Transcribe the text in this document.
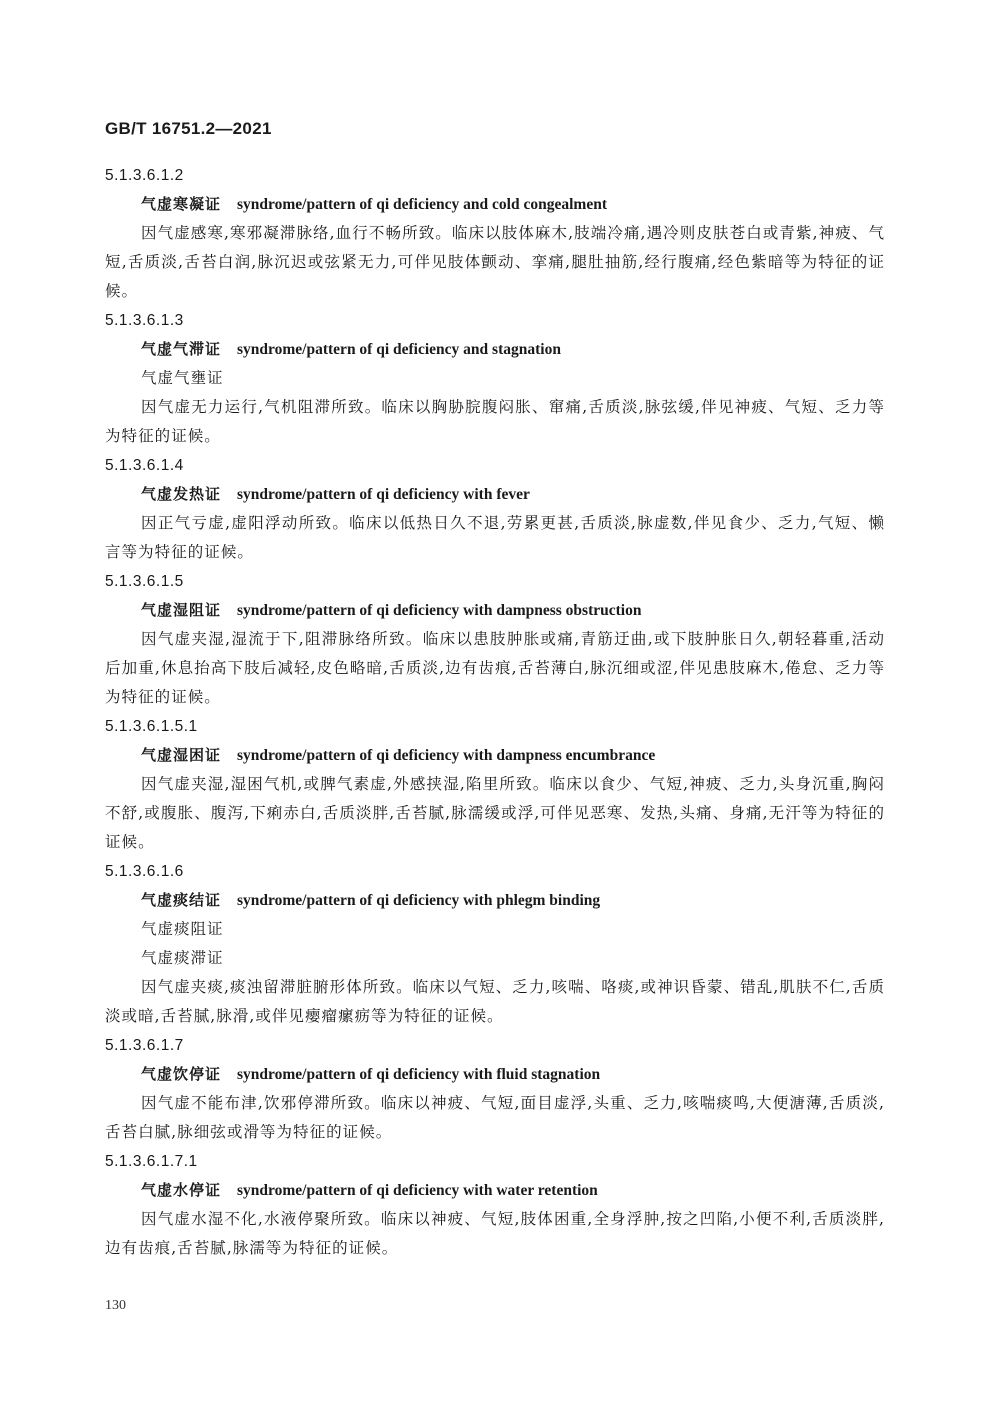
GB/T 16751.2—2021
5.1.3.6.1.2
气虚寒凝证 syndrome/pattern of qi deficiency and cold congealment

因气虚感寒,寒邪凝滞脉络,血行不畅所致。临床以肢体麻木,肢端冷痛,遇冷则皮肤苍白或青紫,神疲、气短,舌质淡,舌苔白润,脉沉迟或弦紧无力,可伴见肢体颤动、挛痛,腿肚抽筋,经行腹痛,经色紫暗等为特征的证候。

5.1.3.6.1.3
气虚气滞证 syndrome/pattern of qi deficiency and stagnation
气虚气壅证

因气虚无力运行,气机阻滞所致。临床以胸胁脘腹闷胀、窜痛,舌质淡,脉弦缓,伴见神疲、气短、乏力等为特征的证候。

5.1.3.6.1.4
气虚发热证 syndrome/pattern of qi deficiency with fever

因正气亏虚,虚阳浮动所致。临床以低热日久不退,劳累更甚,舌质淡,脉虚数,伴见食少、乏力,气短、懒言等为特征的证候。

5.1.3.6.1.5
气虚湿阻证 syndrome/pattern of qi deficiency with dampness obstruction

因气虚夹湿,湿流于下,阻滞脉络所致。临床以患肢肿胀或痛,青筋迂曲,或下肢肿胀日久,朝轻暮重,活动后加重,休息抬高下肢后减轻,皮色略暗,舌质淡,边有齿痕,舌苔薄白,脉沉细或涩,伴见患肢麻木,倦怠、乏力等为特征的证候。

5.1.3.6.1.5.1
气虚湿困证 syndrome/pattern of qi deficiency with dampness encumbrance

因气虚夹湿,湿困气机,或脾气素虚,外感挟湿,陷里所致。临床以食少、气短,神疲、乏力,头身沉重,胸闷不舒,或腹胀、腹泻,下痢赤白,舌质淡胖,舌苔腻,脉濡缓或浮,可伴见恶寒、发热,头痛、身痛,无汗等为特征的证候。

5.1.3.6.1.6
气虚痰结证 syndrome/pattern of qi deficiency with phlegm binding
气虚痰阻证
气虚痰滞证

因气虚夹痰,痰浊留滞脏腑形体所致。临床以气短、乏力,咳喘、咯痰,或神识昏蒙、错乱,肌肤不仁,舌质淡或暗,舌苔腻,脉滑,或伴见瘿瘤瘰疬等为特征的证候。

5.1.3.6.1.7
气虚饮停证 syndrome/pattern of qi deficiency with fluid stagnation

因气虚不能布津,饮邪停滞所致。临床以神疲、气短,面目虚浮,头重、乏力,咳喘痰鸣,大便溏薄,舌质淡,舌苔白腻,脉细弦或滑等为特征的证候。

5.1.3.6.1.7.1
气虚水停证 syndrome/pattern of qi deficiency with water retention

因气虚水湿不化,水液停聚所致。临床以神疲、气短,肢体困重,全身浮肿,按之凹陷,小便不利,舌质淡胖,边有齿痕,舌苔腻,脉濡等为特征的证候。

130
